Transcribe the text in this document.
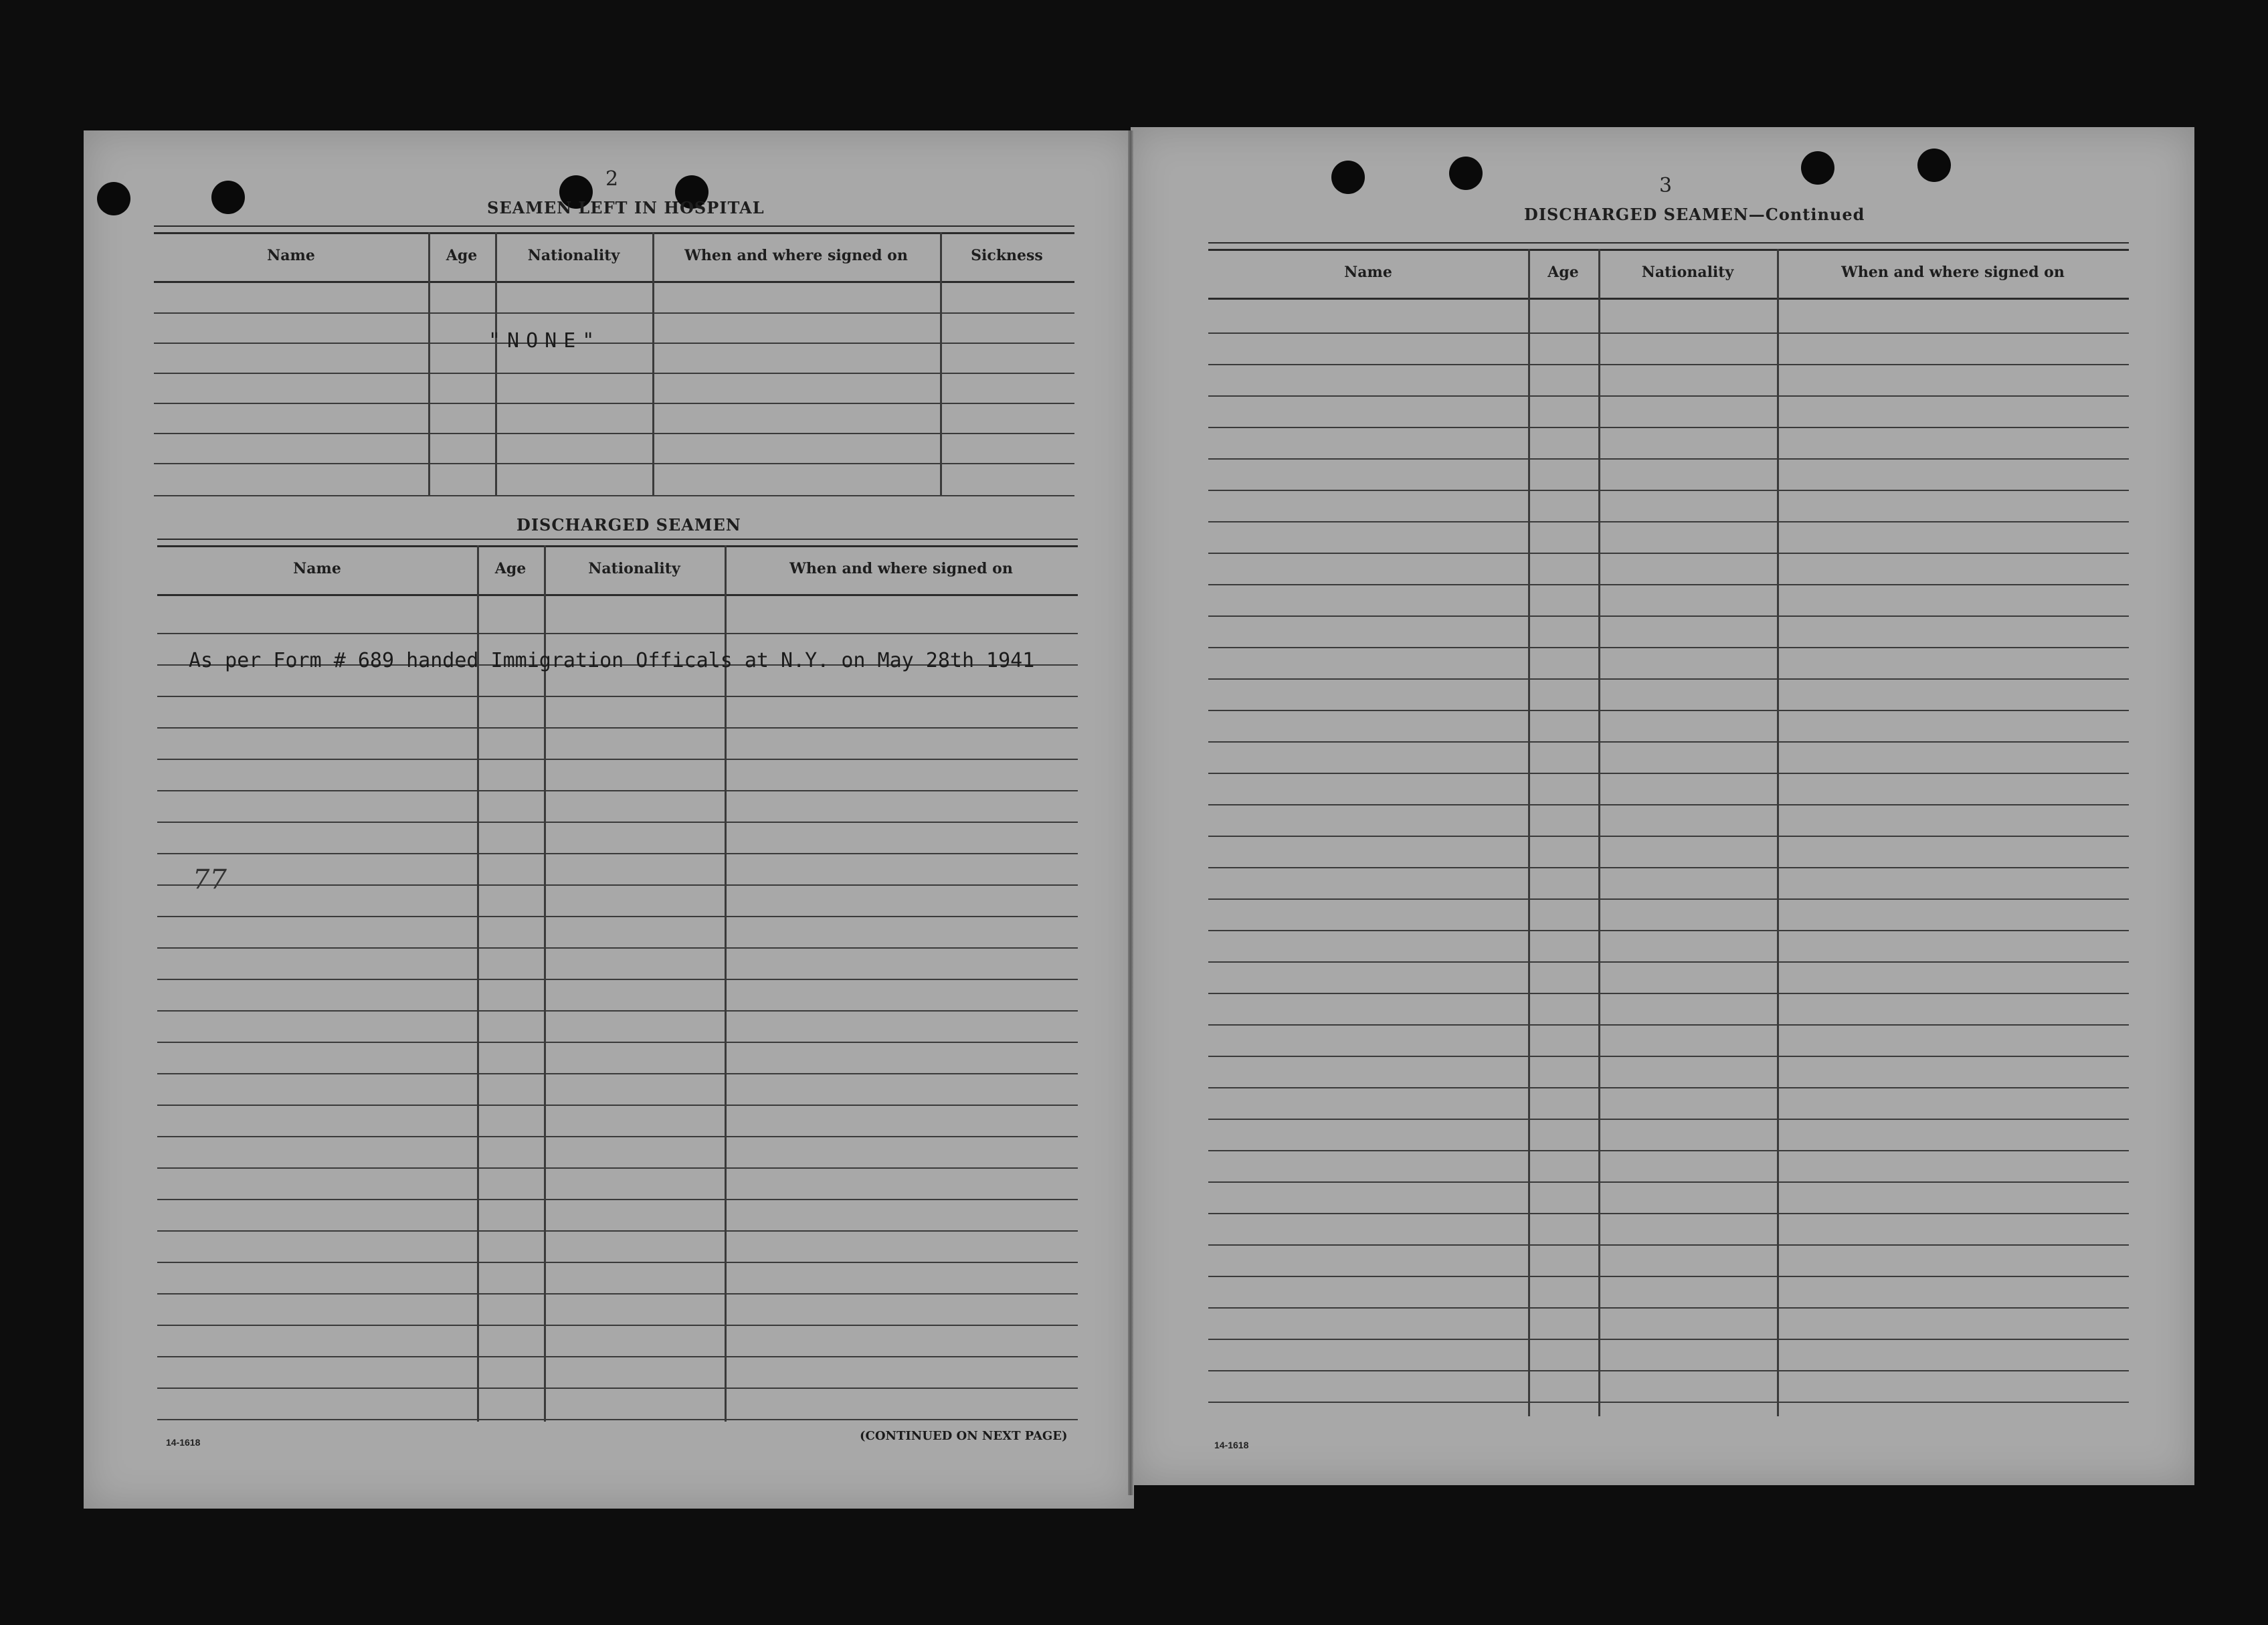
2
SEAMEN LEFT IN HOSPITAL
Name	Age	Nationality	When and where signed on	Sickness
"NONE"
DISCHARGED SEAMEN
Name	Age	Nationality	When and where signed on
As per Form # 689 handed Immigration Officals at N.Y. on May 28th 1941
77
14-1618	(CONTINUED ON NEXT PAGE)
3
DISCHARGED SEAMEN—Continued
Name	Age	Nationality	When and where signed on
14-1618
